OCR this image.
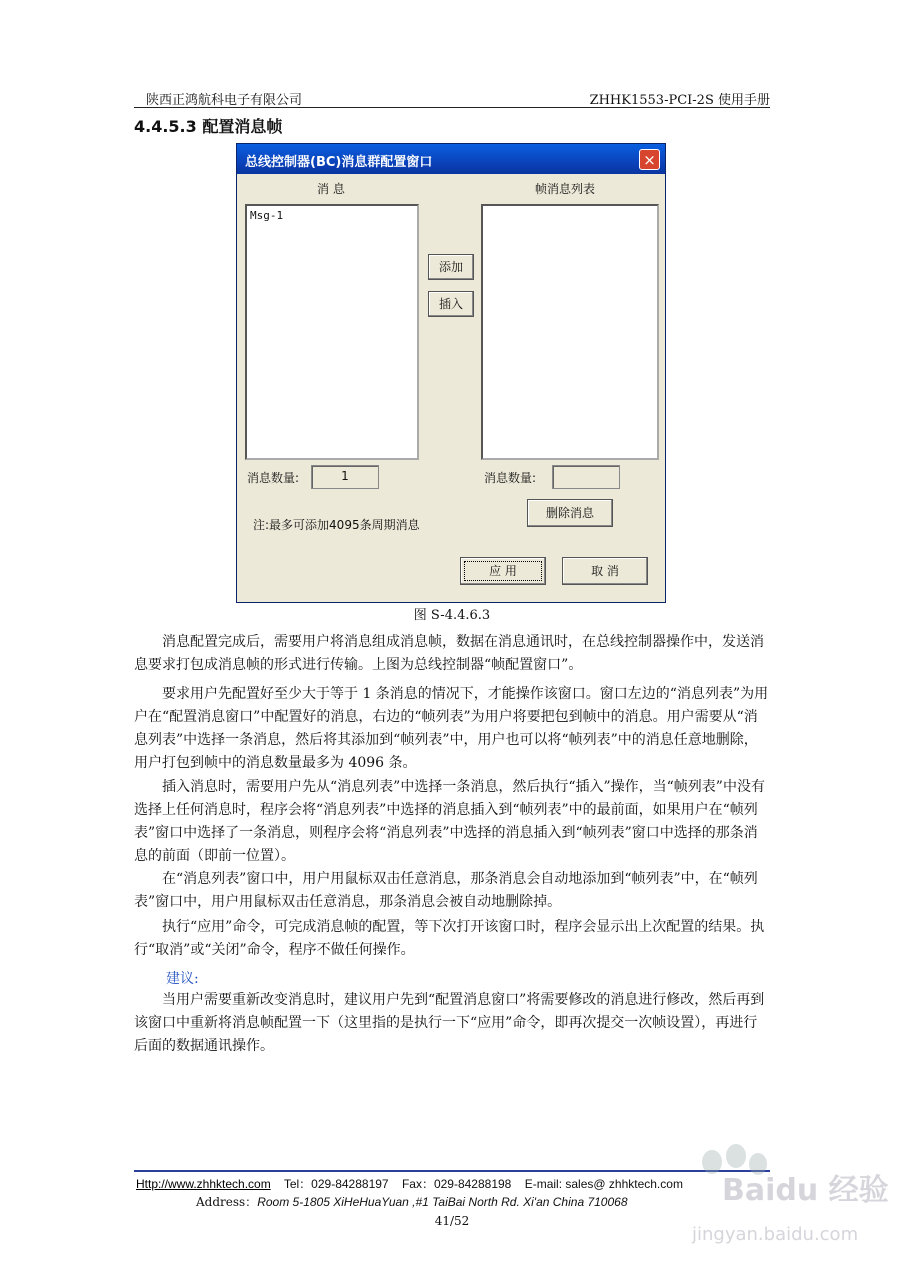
陕西正鸿航科电子有限公司	ZHHK1553-PCI-2S 使用手册
4.4.5.3 配置消息帧
总线控制器(BC)消息群配置窗口	×
消 息	帧消息列表
Msg-1
添加
插入
消息数量:	1	消息数量:
删除消息
注:最多可添加4095条周期消息
应 用	取 消
图 S-4.4.6.3

消息配置完成后，需要用户将消息组成消息帧，数据在消息通讯时，在总线控制器操作中，发送消息要求打包成消息帧的形式进行传输。上图为总线控制器“帧配置窗口”。

要求用户先配置好至少大于等于 1 条消息的情况下，才能操作该窗口。窗口左边的“消息列表”为用户在“配置消息窗口”中配置好的消息，右边的“帧列表”为用户将要把包到帧中的消息。用户需要从“消息列表”中选择一条消息，然后将其添加到“帧列表”中，用户也可以将“帧列表”中的消息任意地删除，用户打包到帧中的消息数量最多为 4096 条。

插入消息时，需要用户先从“消息列表”中选择一条消息，然后执行“插入”操作，当“帧列表”中没有选择上任何消息时，程序会将“消息列表”中选择的消息插入到“帧列表”中的最前面，如果用户在“帧列表”窗口中选择了一条消息，则程序会将“消息列表”中选择的消息插入到“帧列表”窗口中选择的那条消息的前面（即前一位置）。

在“消息列表”窗口中，用户用鼠标双击任意消息，那条消息会自动地添加到“帧列表”中，在“帧列表”窗口中，用户用鼠标双击任意消息，那条消息会被自动地删除掉。

执行“应用”命令，可完成消息帧的配置，等下次打开该窗口时，程序会显示出上次配置的结果。执行“取消”或“关闭”命令，程序不做任何操作。

建议:

当用户需要重新改变消息时，建议用户先到“配置消息窗口”将需要修改的消息进行修改，然后再到该窗口中重新将消息帧配置一下（这里指的是执行一下“应用”命令，即再次提交一次帧设置），再进行后面的数据通讯操作。

Http://www.zhhktech.com Tel：029-84288197 Fax：029-84288198 E-mail: sales@ zhhktech.com
Address：Room 5-1805 XiHeHuaYuan ,#1 TaiBai North Rd. Xi'an China 710068
41/52
Baidu 经验
jingyan.baidu.com
